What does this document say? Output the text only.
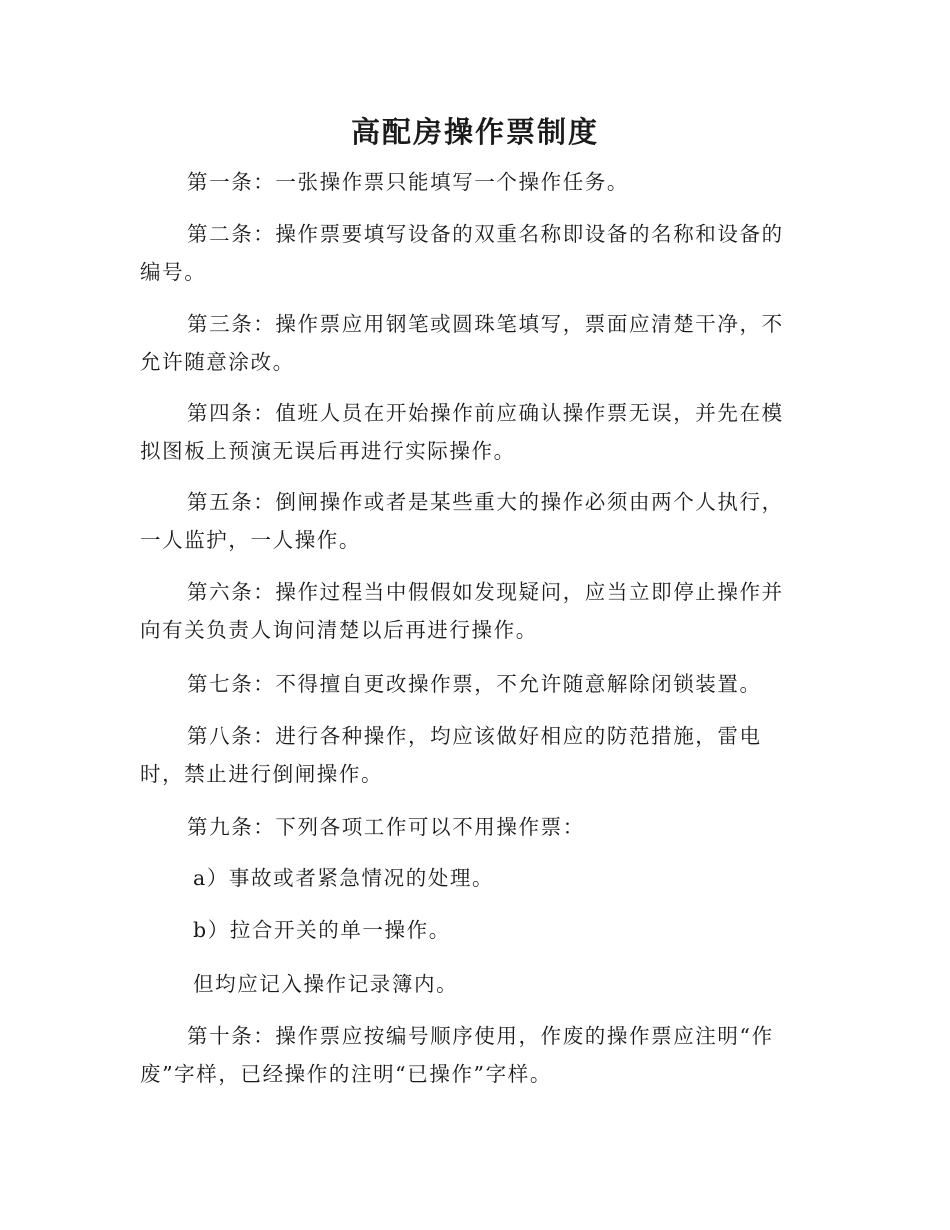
高配房操作票制度

第一条：一张操作票只能填写一个操作任务。

第二条：操作票要填写设备的双重名称即设备的名称和设备的编号。

第三条：操作票应用钢笔或圆珠笔填写，票面应清楚干净，不允许随意涂改。

第四条：值班人员在开始操作前应确认操作票无误，并先在模拟图板上预演无误后再进行实际操作。

第五条：倒闸操作或者是某些重大的操作必须由两个人执行，一人监护，一人操作。

第六条：操作过程当中假假如发现疑问，应当立即停止操作并向有关负责人询问清楚以后再进行操作。

第七条：不得擅自更改操作票，不允许随意解除闭锁装置。

第八条：进行各种操作，均应该做好相应的防范措施，雷电时，禁止进行倒闸操作。

第九条：下列各项工作可以不用操作票：

a）事故或者紧急情况的处理。

b）拉合开关的单一操作。

但均应记入操作记录簿内。

第十条：操作票应按编号顺序使用，作废的操作票应注明“作废”字样，已经操作的注明“已操作”字样。
